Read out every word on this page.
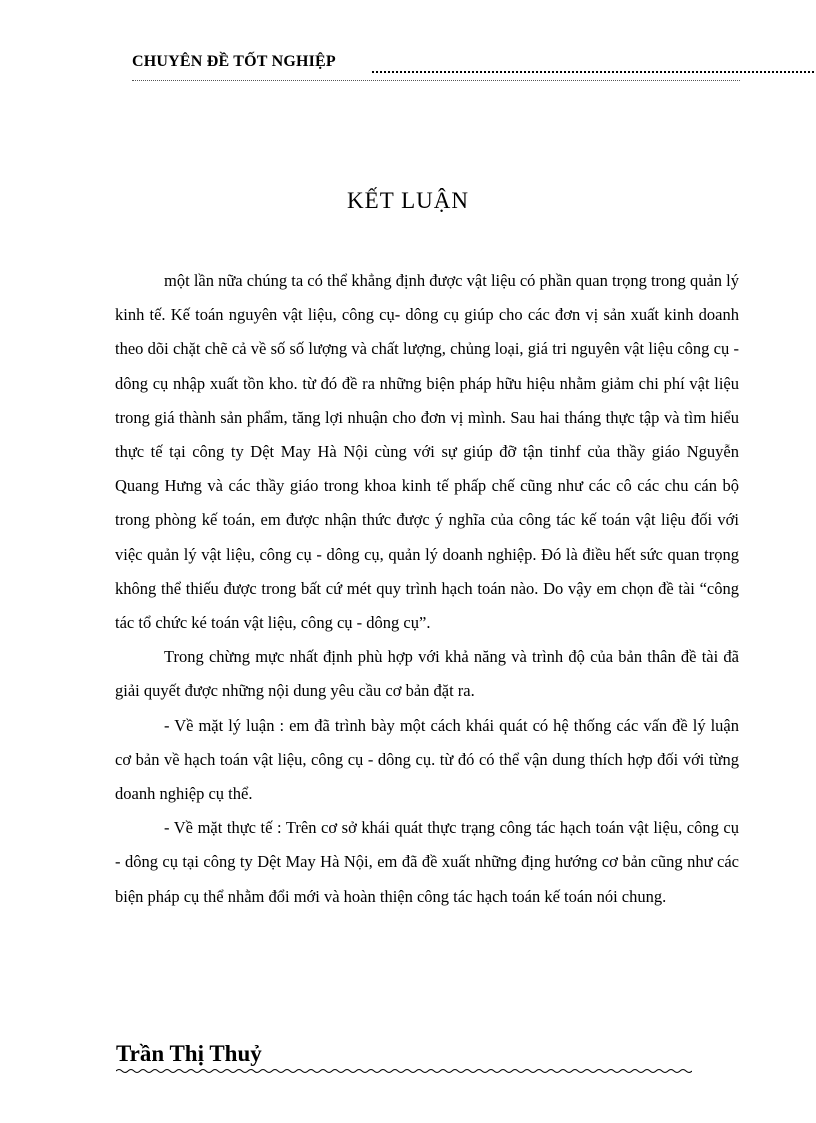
CHUYÊN ĐỀ TỐT NGHIỆP
KẾT LUẬN

một lần nữa chúng ta có thể khẳng định được vật liệu có phần quan trọng trong quản lý kinh tế. Kế toán nguyên vật liệu, công cụ- dông cụ giúp cho các đơn vị sản xuất kinh doanh theo dõi chặt chẽ cả về số số lượng và chất lượng, chủng loại, giá tri nguyên vật liệu công cụ - dông cụ nhập xuất tồn kho. từ đó đề ra những biện pháp hữu hiệu nhằm giảm chi phí vật liệu trong giá thành sản phẩm, tăng lợi nhuận cho đơn vị mình. Sau hai tháng thực tập và tìm hiểu thực tế tại công ty Dệt May Hà Nội cùng với sự giúp đỡ tận tinhf của thầy giáo Nguyễn Quang Hưng và các thầy giáo trong khoa kinh tế phấp chế cũng như các cô các chu cán bộ trong phòng kế toán, em được nhận thức được ý nghĩa của công tác kế toán vật liệu đối với việc quản lý vật liệu, công cụ - dông cụ, quản lý doanh nghiệp. Đó là điều hết sức quan trọng không thể thiếu được trong bất cứ mét quy trình hạch toán nào. Do vậy em chọn đề tài “công tác tổ chức ké toán vật liệu, công cụ - dông cụ”.

Trong chừng mực nhất định phù hợp với khả năng và trình độ của bản thân đề tài đã giải quyết được những nội dung yêu cầu cơ bản đặt ra.

- Về mặt lý luận : em đã trình bày một cách khái quát có hệ thống các vấn đề lý luận cơ bản về hạch toán vật liệu, công cụ - dông cụ. từ đó có thể vận dung thích hợp đối với từng doanh nghiệp cụ thể.

- Về mặt thực tế : Trên cơ sở khái quát thực trạng công tác hạch toán vật liệu, công cụ - dông cụ tại công ty Dệt May Hà Nội, em đã đề xuất những địng hướng cơ bản cũng như các biện pháp cụ thể nhằm đổi mới và hoàn thiện công tác hạch toán kế toán nói chung.

Trần Thị Thuỷ
